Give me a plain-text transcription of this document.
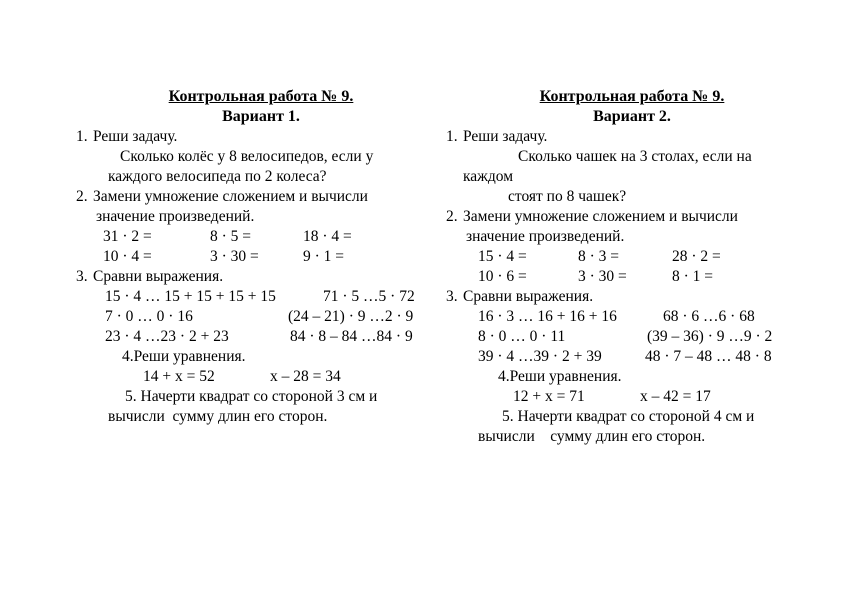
Контрольная работа № 9.
Вариант 1.
1. Реши задачу.
Сколько колёс у 8 велосипедов, если у
каждого велосипеда по 2 колеса?
2. Замени умножение сложением и вычисли
значение произведений.

31 · 2 =	8 · 5 =	18 · 4 =

10 · 4 =	3 · 30 =	9 · 1 =

3. Сравни выражения.

15 · 4 … 15 + 15 + 15 + 15	71 · 5 …5 · 72

7 · 0 … 0 · 16	(24 – 21) · 9 …2 · 9

23 · 4 …23 · 2 + 23	84 · 8 – 84 …84 · 9

4.Реши уравнения.

14 + x = 52	x – 28 = 34

5. Начерти квадрат со стороной 3 см и
вычисли  сумму длин его сторон.
Контрольная работа № 9.
Вариант 2.
1. Реши задачу.
Сколько чашек на 3 столах, если на
каждом
стоят по 8 чашек?
2. Замени умножение сложением и вычисли
значение произведений.

15 · 4 =	8 · 3 =	28 · 2 =

10 · 6 =	3 · 30 =	8 · 1 =

3. Сравни выражения.

16 · 3 … 16 + 16 + 16	68 · 6 …6 · 68

8 · 0 … 0 · 11	(39 – 36) · 9 …9 · 2

39 · 4 …39 · 2 + 39	48 · 7 – 48 … 48 · 8

4.Реши уравнения.

12 + x = 71	x – 42 = 17

5. Начерти квадрат со стороной 4 см и
вычисли    сумму длин его сторон.
